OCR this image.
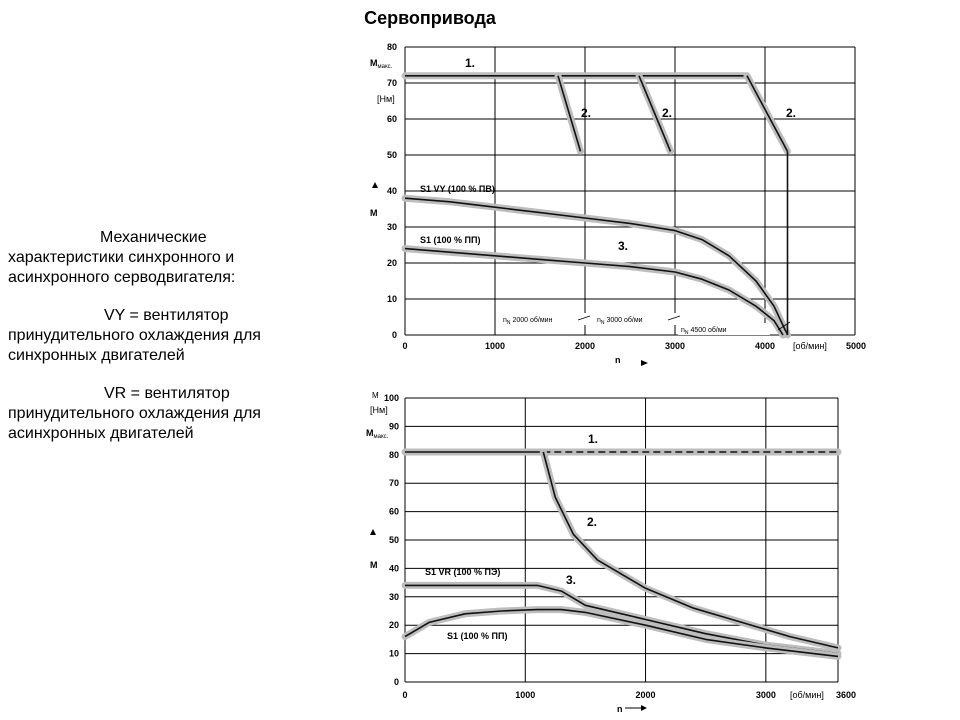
Сервопривода

Механические

характеристики синхронного и

асинхронного серводвигателя:

VY = вентилятор

принудительного охлаждения для

синхронных двигателей

VR = вентилятор

принудительного охлаждения для

асинхронных двигателей

0
10
20
30
40
50
60
70
80
0	1000	2000	3000	4000 [об/мин] 5000
n
$M_{макс.}$
[Нм]
M
S1 VY (100 % ПВ)
S1 (100 % ПП)
1.
2.	2.	2.
3.
$n_N$ 2000 об/мин	$n_N$ 3000 об/ми
$n_N$ 4500 об/ми
0
10
20
30
40
50
60
70
80
90
100
0	1000	2000	3000 [об/мин] 3600
n
M
[Нм]
$M_{макс.}$
M
1.
2.
3.
S1 VR (100 % ПЭ)
S1 (100 % ПП)
